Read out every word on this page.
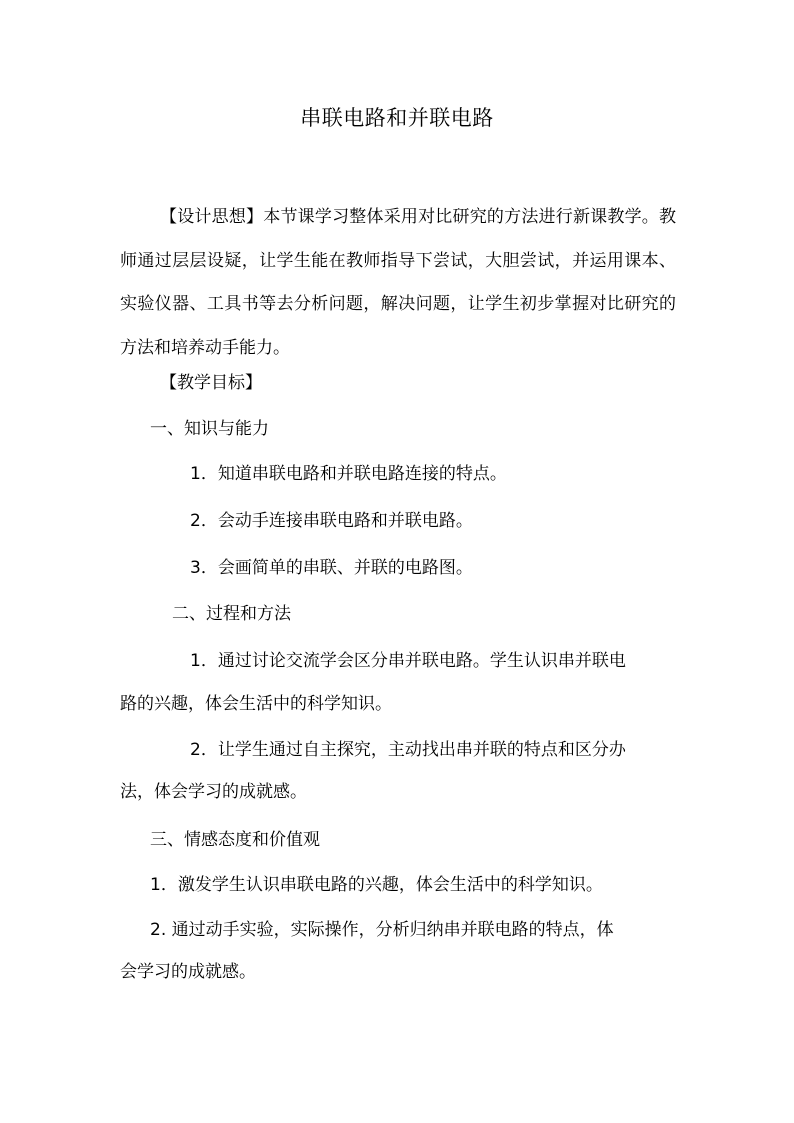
串联电路和并联电路
【设计思想】本节课学习整体采用对比研究的方法进行新课教学。教师通过层层设疑，让学生能在教师指导下尝试，大胆尝试，并运用课本、实验仪器、工具书等去分析问题，解决问题，让学生初步掌握对比研究的方法和培养动手能力。
【教学目标】
一、知识与能力
1．知道串联电路和并联电路连接的特点。
2．会动手连接串联电路和并联电路。
3．会画简单的串联、并联的电路图。
二、过程和方法
1．通过讨论交流学会区分串并联电路。学生认识串并联电
路的兴趣，体会生活中的科学知识。
2．让学生通过自主探究，主动找出串并联的特点和区分办
法，体会学习的成就感。
三、情感态度和价值观
1．激发学生认识串联电路的兴趣，体会生活中的科学知识。
2. 通过动手实验，实际操作，分析归纳串并联电路的特点，体
会学习的成就感。
